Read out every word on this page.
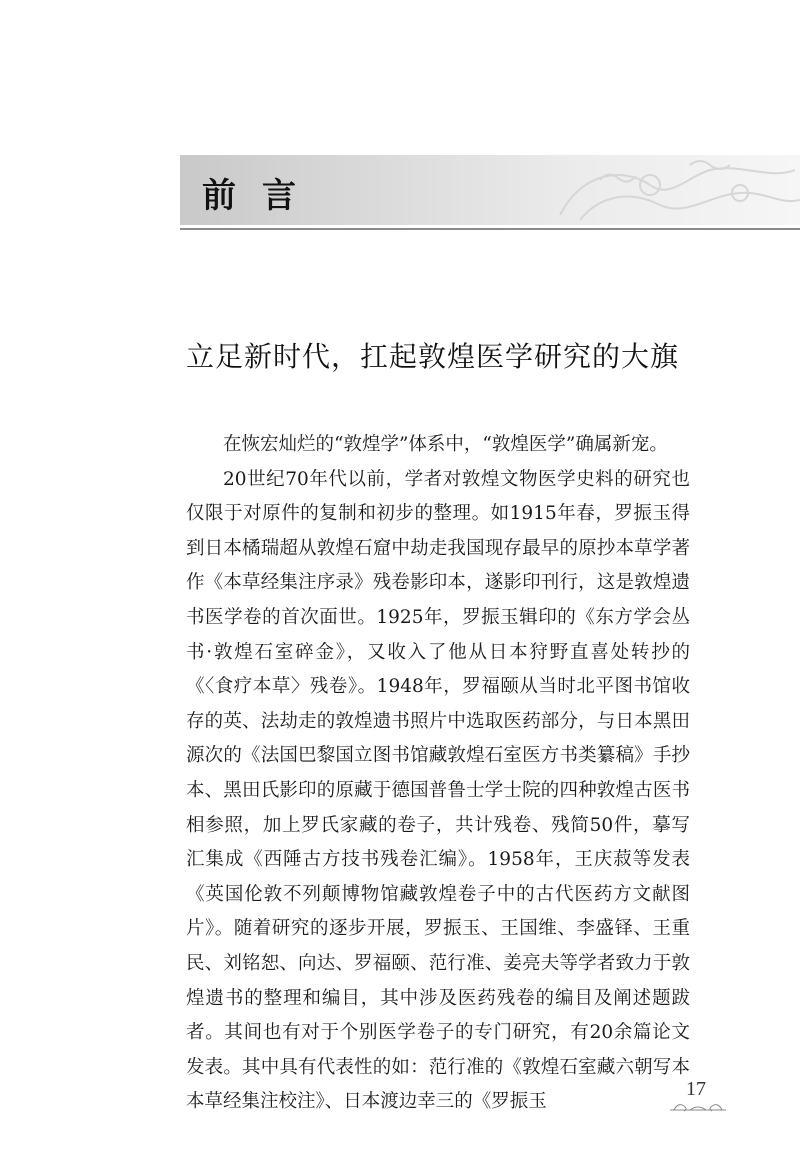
前言
立足新时代，扛起敦煌医学研究的大旗

在恢宏灿烂的“敦煌学”体系中，“敦煌医学”确属新宠。

20世纪70年代以前，学者对敦煌文物医学史料的研究也仅限于对原件的复制和初步的整理。如1915年春，罗振玉得到日本橘瑞超从敦煌石窟中劫走我国现存最早的原抄本草学著作《本草经集注序录》残卷影印本，遂影印刊行，这是敦煌遗书医学卷的首次面世。1925年，罗振玉辑印的《东方学会丛书·敦煌石室碎金》，又收入了他从日本狩野直喜处转抄的《〈食疗本草〉残卷》。1948年，罗福颐从当时北平图书馆收存的英、法劫走的敦煌遗书照片中选取医药部分，与日本黑田源次的《法国巴黎国立图书馆藏敦煌石室医方书类纂稿》手抄本、黑田氏影印的原藏于德国普鲁士学士院的四种敦煌古医书相参照，加上罗氏家藏的卷子，共计残卷、残简50件，摹写汇集成《西陲古方技书残卷汇编》。1958年，王庆菽等发表《英国伦敦不列颠博物馆藏敦煌卷子中的古代医药方文献图片》。随着研究的逐步开展，罗振玉、王国维、李盛铎、王重民、刘铭恕、向达、罗福颐、范行准、姜亮夫等学者致力于敦煌遗书的整理和编目，其中涉及医药残卷的编目及阐述题跋者。其间也有对于个别医学卷子的专门研究，有20余篇论文发表。其中具有代表性的如：范行准的《敦煌石室藏六朝写本本草经集注校注》、日本渡边幸三的《罗振玉

17
